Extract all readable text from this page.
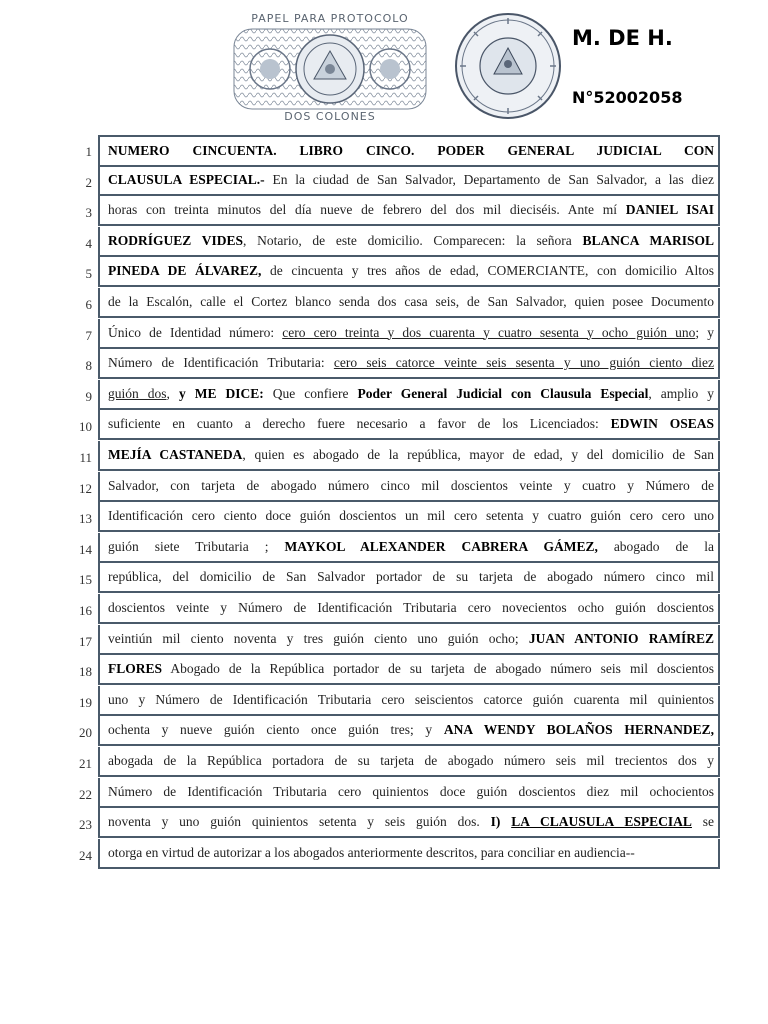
PAPEL PARA PROTOCOLO
DOS COLONES
M. DE H.
N°52002058
1 NUMERO CINCUENTA. LIBRO CINCO. PODER GENERAL JUDICIAL CON
2 CLAUSULA ESPECIAL.- En la ciudad de San Salvador, Departamento de San Salvador, a las diez
3 horas con treinta minutos del día nueve de febrero del dos mil dieciséis. Ante mí DANIEL ISAI
4 RODRÍGUEZ VIDES, Notario, de este domicilio. Comparecen: la señora BLANCA MARISOL
5 PINEDA DE ÁLVAREZ, de cincuenta y tres años de edad, COMERCIANTE, con domicilio Altos
6 de la Escalón, calle el Cortez blanco senda dos casa seis, de San Salvador, quien posee Documento
7 Único de Identidad número: cero cero treinta y dos cuarenta y cuatro sesenta y ocho guión uno; y
8 Número de Identificación Tributaria: cero seis catorce veinte seis sesenta y uno guión ciento diez
9 guión dos, y ME DICE: Que confiere Poder General Judicial con Clausula Especial, amplio y
10 suficiente en cuanto a derecho fuere necesario a favor de los Licenciados: EDWIN OSEAS
11 MEJÍA CASTANEDA, quien es abogado de la república, mayor de edad, y del domicilio de San
12 Salvador, con tarjeta de abogado número cinco mil doscientos veinte y cuatro y Número de
13 Identificación cero ciento doce guión doscientos un mil cero setenta y cuatro guión cero cero uno
14 guión siete Tributaria ; MAYKOL ALEXANDER CABRERA GÁMEZ, abogado de la
15 república, del domicilio de San Salvador portador de su tarjeta de abogado número cinco mil
16 doscientos veinte y Número de Identificación Tributaria cero novecientos ocho guión doscientos
17 veintiún mil ciento noventa y tres guión ciento uno guión ocho; JUAN ANTONIO RAMÍREZ
18 FLORES Abogado de la República portador de su tarjeta de abogado número seis mil doscientos
19 uno y Número de Identificación Tributaria cero seiscientos catorce guión cuarenta mil quinientos
20 ochenta y nueve guión ciento once guión tres; y ANA WENDY BOLAÑOS HERNANDEZ,
21 abogada de la República portadora de su tarjeta de abogado número seis mil trecientos dos y
22 Número de Identificación Tributaria cero quinientos doce guión doscientos diez mil ochocientos
23 noventa y uno guión quinientos setenta y seis guión dos. I) LA CLAUSULA ESPECIAL se
24 otorga en virtud de autorizar a los abogados anteriormente descritos, para conciliar en audiencia--
